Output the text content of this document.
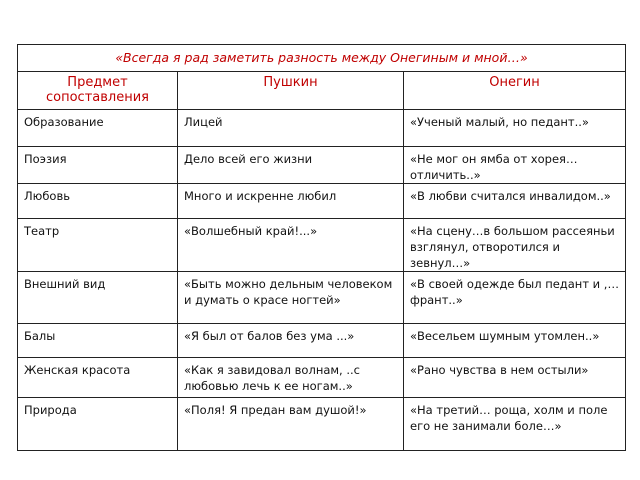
«Всегда я рад заметить разность между Онегиным и мной…»		
Предмет сопоставления	Пушкин	Онегин
Образование	Лицей	«Ученый малый, но педант..»
Поэзия	Дело всей его жизни	«Не мог он ямба от хорея… отличить..»
Любовь	Много и искренне любил	«В любви считался инвалидом..»
Театр	«Волшебный край!...»	«На сцену…в большом рассеяньи взглянул, отворотился и зевнул…»
Внешний вид	«Быть можно дельным человеком и думать о красе ногтей»	«В своей одежде был педант и ,… франт..»
Балы	«Я был от балов без ума ...»	«Весельем шумным утомлен..»
Женская красота	«Как я завидовал волнам, ..с любовью лечь к ее ногам..»	«Рано чувства в нем остыли»
Природа	«Поля! Я предан вам душой!»	«На третий… роща, холм и поле его не занимали боле…»
